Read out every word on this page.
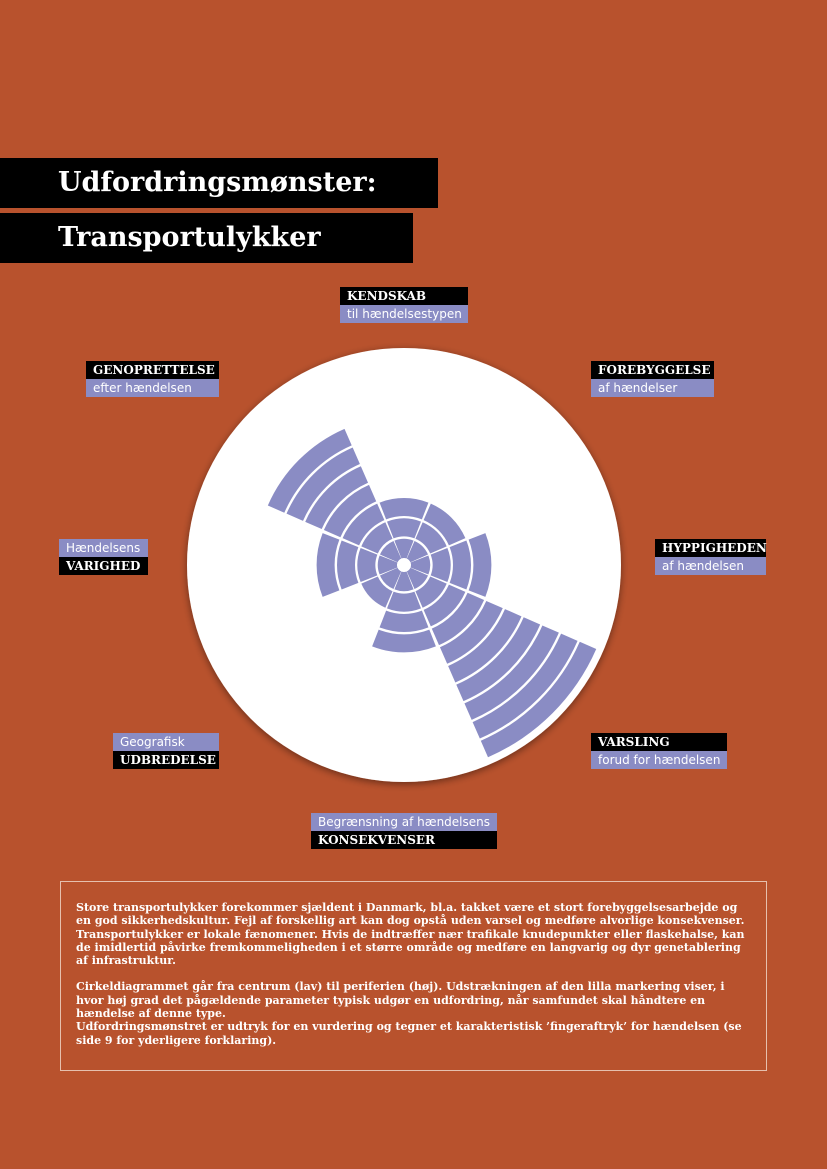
Udfordringsmønster:
Transportulykker
KENDSKAB
til hændelsestypen
FOREBYGGELSE
af hændelser
HYPPIGHEDEN
af hændelsen
VARSLING
forud for hændelsen
Begrænsning af hændelsens
KONSEKVENSER
Geografisk
UDBREDELSE
Hændelsens
VARIGHED
GENOPRETTELSE
efter hændelsen

Store transportulykker forekommer sjældent i Danmark, bl.a. takket være et stort forebyggelsesarbejde og en god sikkerhedskultur. Fejl af forskellig art kan dog opstå uden varsel og medføre alvorlige konsekvenser. Transportulykker er lokale fænomener. Hvis de indtræffer nær trafikale knudepunkter eller flaskehalse, kan de imidlertid påvirke fremkommeligheden i et større område og medføre en langvarig og dyr genetablering af infrastruktur.

Cirkeldiagrammet går fra centrum (lav) til periferien (høj). Udstrækningen af den lilla markering viser, i hvor høj grad det pågældende parameter typisk udgør en udfordring, når samfundet skal håndtere en hændelse af denne type.

Udfordringsmønstret er udtryk for en vurdering og tegner et karakteristisk ’fingeraftryk’ for hændelsen (se side 9 for yderligere forklaring).
